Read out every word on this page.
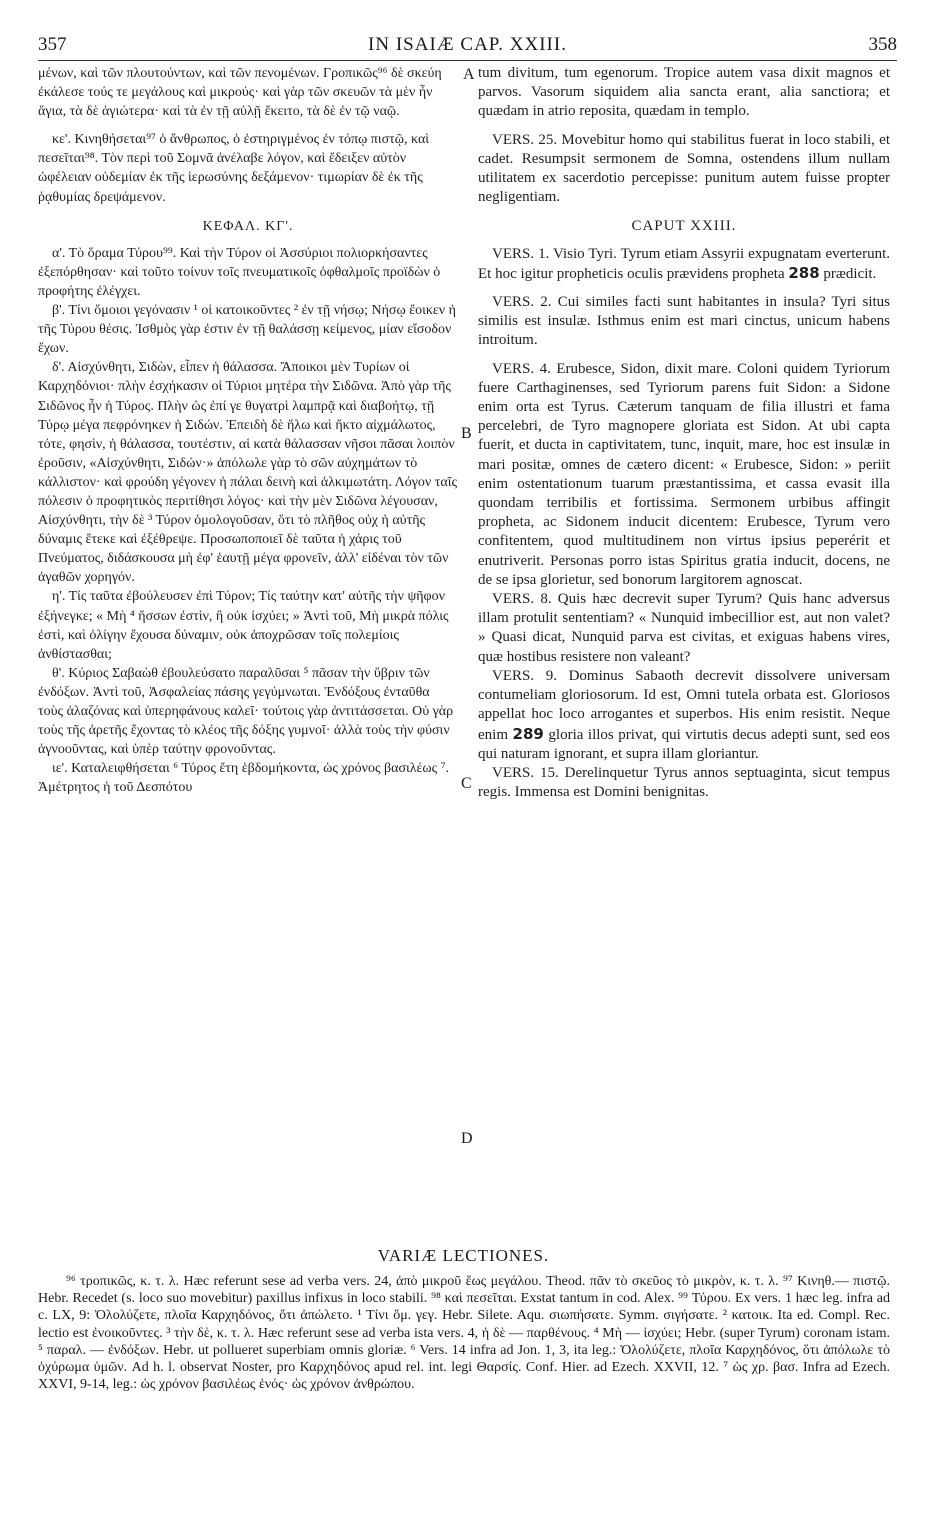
357	IN ISAIÆ CAP. XXIII.	358
A
B
C
D

μένων, καὶ τῶν πλουτούντων, καὶ τῶν πενομένων. Γροπικῶς⁹⁶ δὲ σκεύη ἐκάλεσε τούς τε μεγάλους καὶ μικρούς· καὶ γὰρ τῶν σκευῶν τὰ μὲν ἦν ἅγια, τὰ δὲ ἁγιώτερα· καὶ τὰ ἐν τῇ αὐλῇ ἔκειτο, τὰ δὲ ἐν τῷ ναῷ.

κε'. Κινηθήσεται⁹⁷ ὁ ἄνθρωπος, ὁ ἐστηριγμένος ἐν τόπῳ πιστῷ, καὶ πεσεῖται⁹⁸. Τὸν περὶ τοῦ Σομνᾶ ἀνέλαβε λόγον, καὶ ἔδειξεν αὐτὸν ὠφέλειαν οὐδεμίαν ἐκ τῆς ἱερωσύνης δεξάμενον· τιμωρίαν δὲ ἐκ τῆς ῥᾳθυμίας δρεψάμενον.

ΚΕΦΑΛ. ΚΓ'.

α'. Τὸ ὅραμα Τύρου⁹⁹. Καὶ τὴν Τύρον οἱ Ἀσσύριοι πολιορκήσαντες ἐξεπόρθησαν· καὶ τοῦτο τοίνυν τοῖς πνευματικοῖς ὀφθαλμοῖς προϊδὼν ὁ προφήτης ἐλέγχει.

β'. Τίνι ὅμοιοι γεγόνασιν ¹ οἱ κατοικοῦντες ² ἐν τῇ νήσῳ; Νήσῳ ἔοικεν ἡ τῆς Τύρου θέσις. Ἰσθμὸς γὰρ ἐστιν ἐν τῇ θαλάσσῃ κείμενος, μίαν εἴσοδον ἔχων.

δ'. Αἰσχύνθητι, Σιδὼν, εἶπεν ἡ θάλασσα. Ἄποικοι μὲν Τυρίων οἱ Καρχηδόνιοι· πλὴν ἐσχήκασιν οἱ Τύριοι μητέρα τὴν Σιδῶνα. Ἀπὸ γὰρ τῆς Σιδῶνος ἦν ἡ Τύρος. Πλὴν ὡς ἐπί γε θυγατρὶ λαμπρᾷ καὶ διαβοήτῳ, τῇ Τύρῳ μέγα πεφρόνηκεν ἡ Σιδών. Ἐπειδὴ δὲ ἥλω καὶ ἤκτο αἰχμάλωτος, τότε, φησὶν, ἡ θάλασσα, τουτέστιν, αἱ κατὰ θάλασσαν νῆσοι πᾶσαι λοιπὸν ἐροῦσιν, «Αἰσχύνθητι, Σιδών·» ἀπόλωλε γὰρ τὸ σῶν αὐχημάτων τὸ κάλλιστον· καὶ φρούδη γέγονεν ἡ πάλαι δεινὴ καὶ ἀλκιμωτάτη. Λόγον ταῖς πόλεσιν ὁ προφητικὸς περιτίθησι λόγος· καὶ τὴν μὲν Σιδῶνα λέγουσαν, Αἰσχύνθητι, τὴν δὲ ³ Τύρον ὁμολογοῦσαν, ὅτι τὸ πλῆθος οὐχ ἡ αὐτῆς δύναμις ἔτεκε καὶ ἐξέθρεψε. Προσωποποιεῖ δὲ ταῦτα ἡ χάρις τοῦ Πνεύματος, διδάσκουσα μὴ ἐφ' ἑαυτῇ μέγα φρονεῖν, ἀλλ' εἰδέναι τὸν τῶν ἀγαθῶν χορηγόν.

η'. Τίς ταῦτα ἐβούλευσεν ἐπὶ Τύρον; Τίς ταύτην κατ' αὐτῆς τὴν ψῆφον ἐξήνεγκε; « Μὴ ⁴ ἥσσων ἐστὶν, ἢ οὐκ ἰσχύει; » Ἀντὶ τοῦ, Μὴ μικρὰ πόλις ἐστὶ, καὶ ὀλίγην ἔχουσα δύναμιν, οὐκ ἀποχρῶσαν τοῖς πολεμίοις ἀνθίστασθαι;

θ'. Κύριος Σαβαὼθ ἐβουλεύσατο παραλῦσαι ⁵ πᾶσαν τὴν ὕβριν τῶν ἐνδόξων. Ἀντὶ τοῦ, Ἀσφαλείας πάσης γεγύμνωται. Ἐνδόξους ἐνταῦθα τοὺς ἀλαζόνας καὶ ὑπερηφάνους καλεῖ· τούτοις γὰρ ἀντιτάσσεται. Οὐ γὰρ τοὺς τῆς ἀρετῆς ἔχοντας τὸ κλέος τῆς δόξης γυμνοῖ· ἀλλὰ τοὺς τὴν φύσιν ἀγνοοῦντας, καὶ ὑπὲρ ταύτην φρονοῦντας.

ιε'. Καταλειφθήσεται ⁶ Τύρος ἔτη ἑβδομήκοντα, ὡς χρόνος βασιλέως ⁷. Ἀμέτρητος ἡ τοῦ Δεσπότου

tum divitum, tum egenorum. Tropice autem vasa dixit magnos et parvos. Vasorum siquidem alia sancta erant, alia sanctiora; et quædam in atrio reposita, quædam in templo.

VERS. 25. Movebitur homo qui stabilitus fuerat in loco stabili, et cadet. Resumpsit sermonem de Somna, ostendens illum nullam utilitatem ex sacerdotio percepisse: punitum autem fuisse propter negligentiam.

CAPUT XXIII.

VERS. 1. Visio Tyri. Tyrum etiam Assyrii expugnatam everterunt. Et hoc igitur propheticis oculis prævidens propheta 288 prædicit.

VERS. 2. Cui similes facti sunt habitantes in insula? Tyri situs similis est insulæ. Isthmus enim est mari cinctus, unicum habens introitum.

VERS. 4. Erubesce, Sidon, dixit mare. Coloni quidem Tyriorum fuere Carthaginenses, sed Tyriorum parens fuit Sidon: a Sidone enim orta est Tyrus. Cæterum tanquam de filia illustri et fama percelebri, de Tyro magnopere gloriata est Sidon. At ubi capta fuerit, et ducta in captivitatem, tunc, inquit, mare, hoc est insulæ in mari positæ, omnes de cætero dicent: « Erubesce, Sidon: » periit enim ostentationum tuarum præstantissima, et cassa evasit illa quondam terribilis et fortissima. Sermonem urbibus affingit propheta, ac Sidonem inducit dicentem: Erubesce, Tyrum vero confitentem, quod multitudinem non virtus ipsius peperérit et enutriverit. Personas porro istas Spiritus gratia inducit, docens, ne de se ipsa glorietur, sed bonorum largitorem agnoscat.

VERS. 8. Quis hæc decrevit super Tyrum? Quis hanc adversus illam protulit sententiam? « Nunquid imbecillior est, aut non valet? » Quasi dicat, Nunquid parva est civitas, et exiguas habens vires, quæ hostibus resistere non valeant?

VERS. 9. Dominus Sabaoth decrevit dissolvere universam contumeliam gloriosorum. Id est, Omni tutela orbata est. Gloriosos appellat hoc loco arrogantes et superbos. His enim resistit. Neque enim 289 gloria illos privat, qui virtutis decus adepti sunt, sed eos qui naturam ignorant, et supra illam gloriantur.

VERS. 15. Derelinquetur Tyrus annos septuaginta, sicut tempus regis. Immensa est Domini benignitas.

VARIÆ LECTIONES.
⁹⁶ τροπικῶς, κ. τ. λ. Hæc referunt sese ad verba vers. 24, ἀπὸ μικροῦ ἕως μεγάλου. Theod. πᾶν τὸ σκεῦος τὸ μικρὸν, κ. τ. λ. ⁹⁷ Κινηθ.— πιστῷ. Hebr. Recedet (s. loco suo movebitur) paxillus infixus in loco stabili. ⁹⁸ καὶ πεσεῖται. Exstat tantum in cod. Alex. ⁹⁹ Τύρου. Ex vers. 1 hæc leg. infra ad c. LX, 9: Ὀλολύζετε, πλοῖα Καρχηδόνος, ὅτι ἀπώλετο. ¹ Τίνι ὅμ. γεγ. Hebr. Silete. Aqu. σιωπήσατε. Symm. σιγήσατε. ² κατοικ. Ita ed. Compl. Rec. lectio est ἐνοικοῦντες. ³ τὴν δὲ, κ. τ. λ. Hæc referunt sese ad verba ista vers. 4, ἡ δὲ — παρθένους. ⁴ Μὴ — ἰσχύει; Hebr. (super Tyrum) coronam istam. ⁵ παραλ. — ἐνδόξων. Hebr. ut pollueret superbiam omnis gloriæ. ⁶ Vers. 14 infra ad Jon. 1, 3, ita leg.: Ὀλολύζετε, πλοῖα Καρχηδόνος, ὅτι ἀπόλωλε τὸ ὀχύρωμα ὑμῶν. Ad h. l. observat Noster, pro Καρχηδόνος apud rel. int. legi Θαρσίς. Conf. Hier. ad Ezech. XXVII, 12. ⁷ ὡς χρ. βασ. Infra ad Ezech. XXVI, 9-14, leg.: ὡς χρόνον βασιλέως ἑνός· ὡς χρόνον ἀνθρώπου.
